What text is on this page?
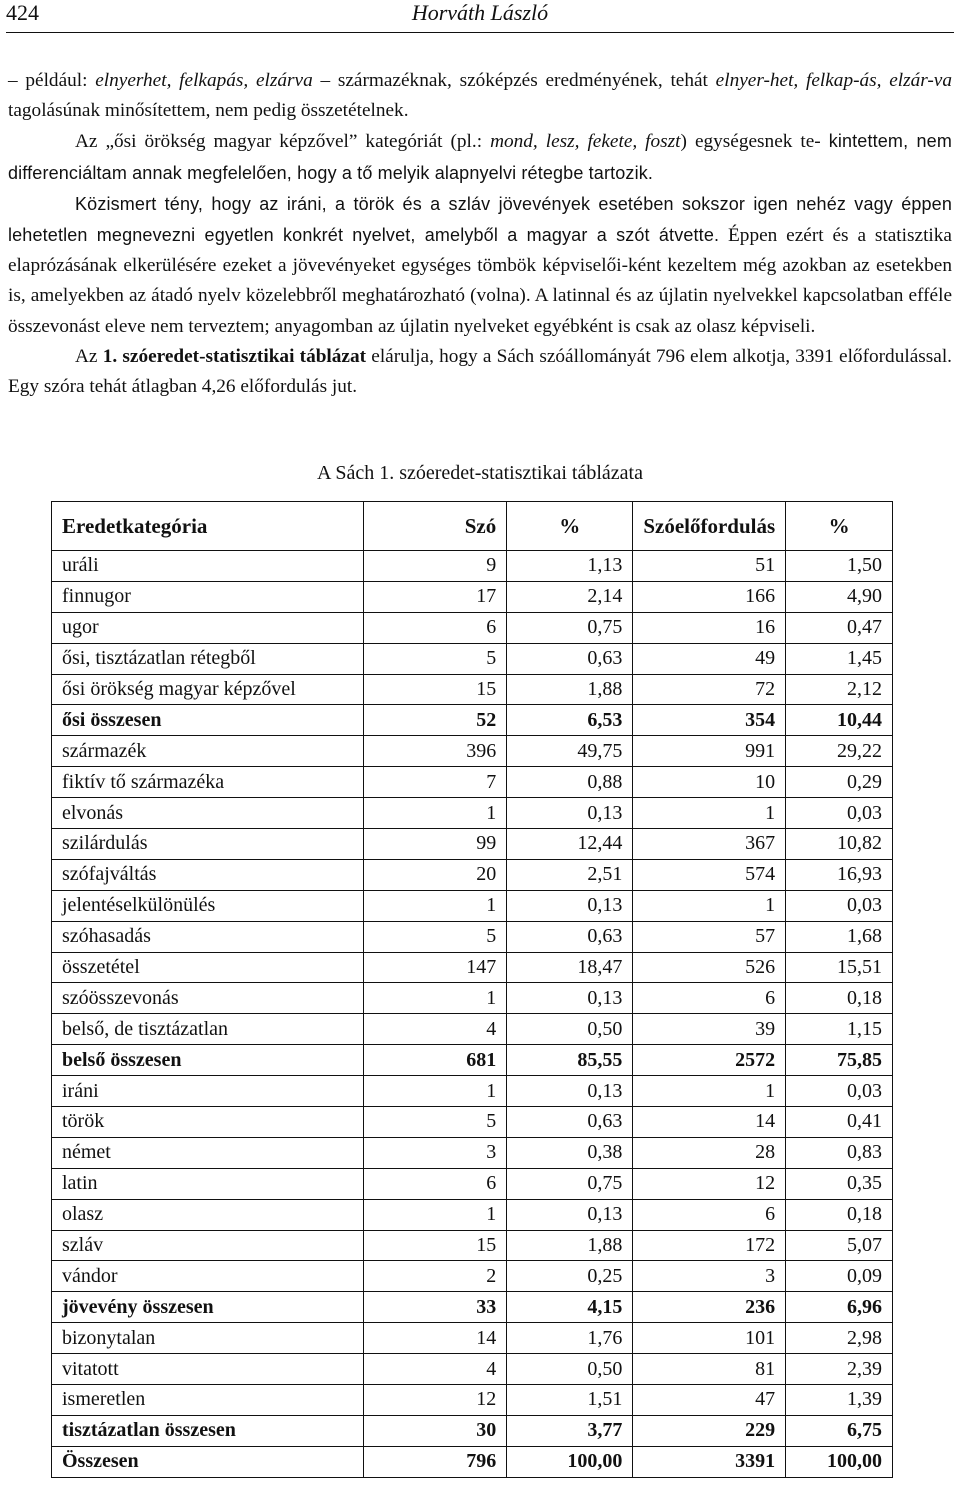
424	Horváth László

– például: elnyerhet, felkapás, elzárva – származéknak, szóképzés eredményének, tehát elnyer-het, felkap-ás, elzár-va tagolásúnak minősítettem, nem pedig összetételnek.

Az „ősi örökség magyar képzővel” kategóriát (pl.: mond, lesz, fekete, foszt) egységesnek te- kintettem, nem differenciáltam annak megfelelően, hogy a tő melyik alapnyelvi rétegbe tartozik.

Közismert tény, hogy az iráni, a török és a szláv jövevények esetében sokszor igen nehéz vagy éppen lehetetlen megnevezni egyetlen konkrét nyelvet, amelyből a magyar a szót átvette. Éppen ezért és a statisztika elaprózásának elkerülésére ezeket a jövevényeket egységes tömbök képviselői-ként kezeltem még azokban az esetekben is, amelyekben az átadó nyelv közelebbről meghatározható (volna). A latinnal és az újlatin nyelvekkel kapcsolatban efféle összevonást eleve nem terveztem; anyagomban az újlatin nyelveket egyébként is csak az olasz képviseli.

Az 1. szóeredet-statisztikai táblázat elárulja, hogy a Sách szóállományát 796 elem alkotja, 3391 előfordulással. Egy szóra tehát átlagban 4,26 előfordulás jut.

A Sách 1. szóeredet-statisztikai táblázata
Eredetkategória	Szó	%	Szóelőfordulás	%
uráli	9	1,13	51	1,50
finnugor	17	2,14	166	4,90
ugor	6	0,75	16	0,47
ősi, tisztázatlan rétegből	5	0,63	49	1,45
ősi örökség magyar képzővel	15	1,88	72	2,12
ősi összesen	52	6,53	354	10,44
származék	396	49,75	991	29,22
fiktív tő származéka	7	0,88	10	0,29
elvonás	1	0,13	1	0,03
szilárdulás	99	12,44	367	10,82
szófajváltás	20	2,51	574	16,93
jelentéselkülönülés	1	0,13	1	0,03
szóhasadás	5	0,63	57	1,68
összetétel	147	18,47	526	15,51
szóösszevonás	1	0,13	6	0,18
belső, de tisztázatlan	4	0,50	39	1,15
belső összesen	681	85,55	2572	75,85
iráni	1	0,13	1	0,03
török	5	0,63	14	0,41
német	3	0,38	28	0,83
latin	6	0,75	12	0,35
olasz	1	0,13	6	0,18
szláv	15	1,88	172	5,07
vándor	2	0,25	3	0,09
jövevény összesen	33	4,15	236	6,96
bizonytalan	14	1,76	101	2,98
vitatott	4	0,50	81	2,39
ismeretlen	12	1,51	47	1,39
tisztázatlan összesen	30	3,77	229	6,75
Összesen	796	100,00	3391	100,00
